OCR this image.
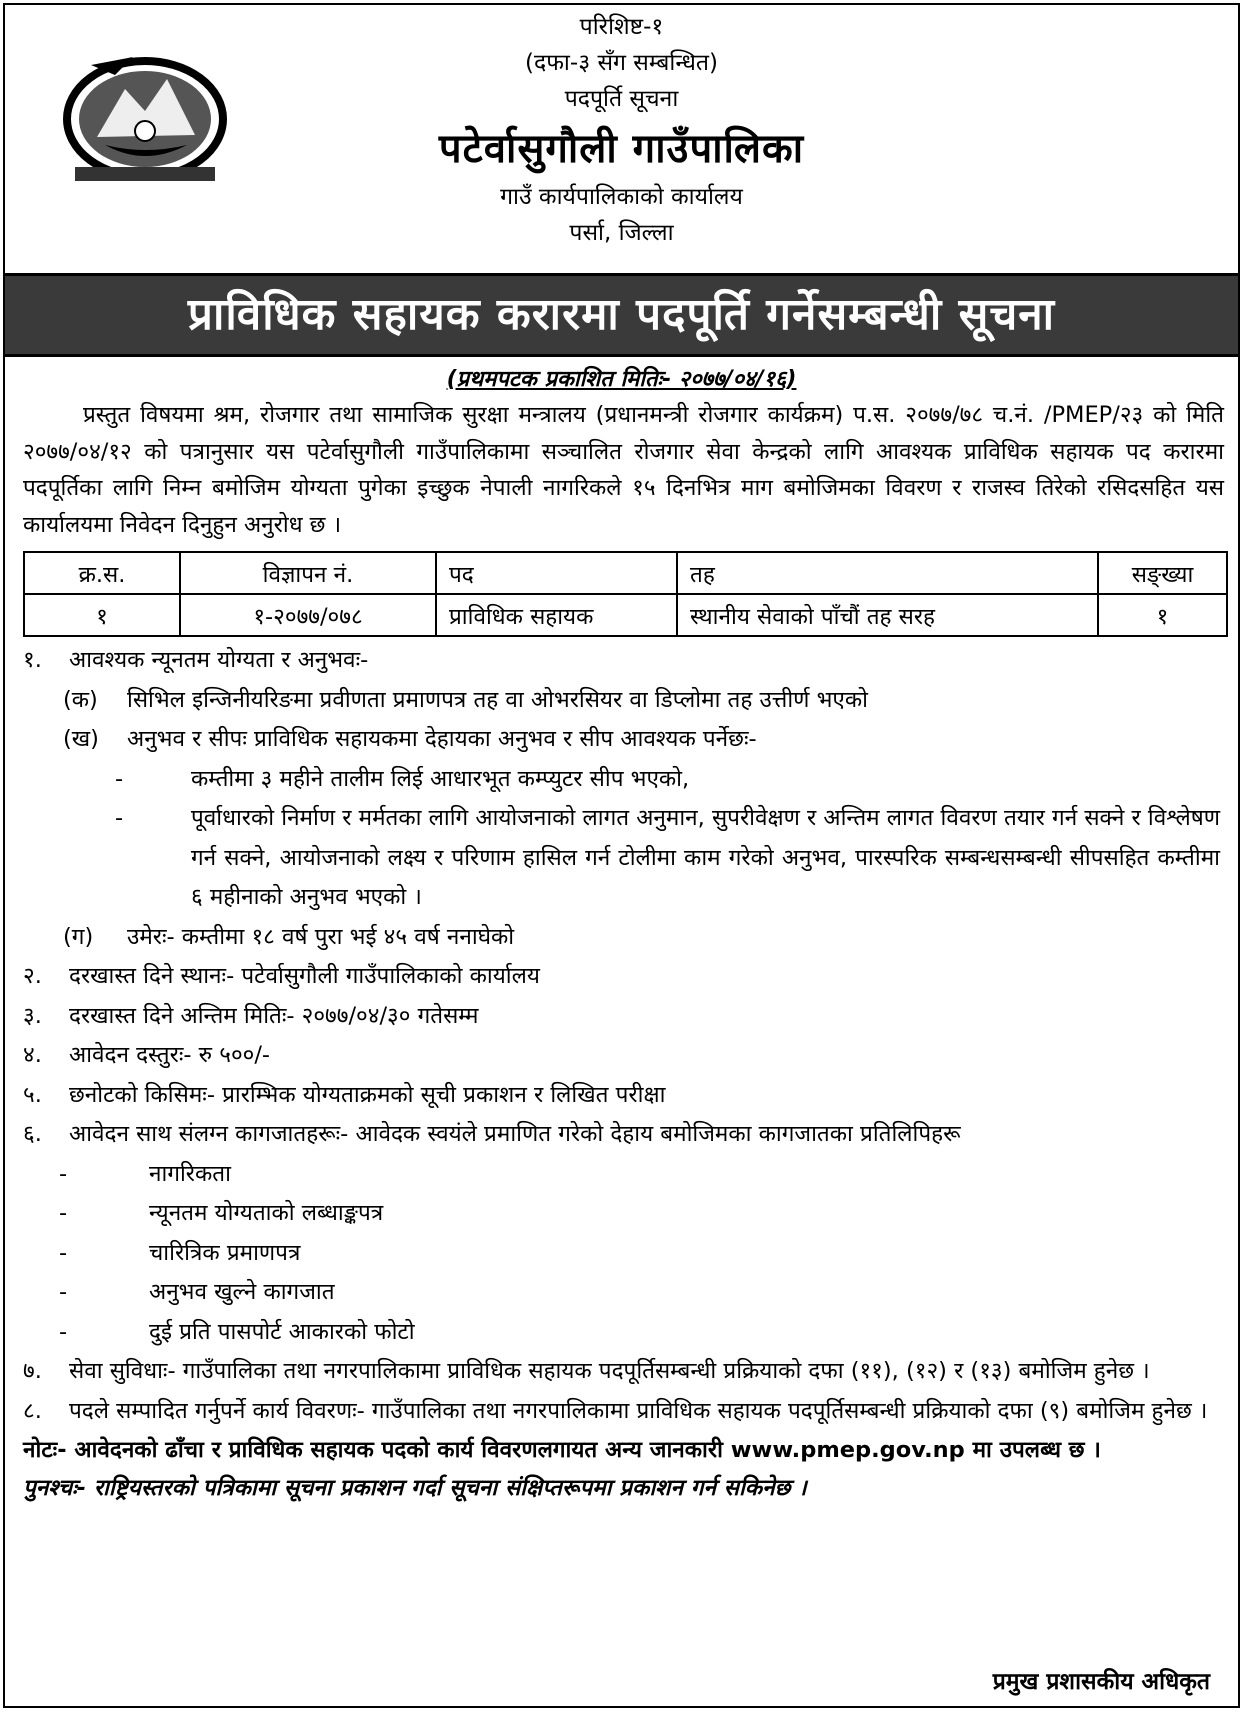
परिशिष्ट-१
(दफा-३ सँग सम्बन्धित)
पदपूर्ति सूचना
पटेर्वासुगौली गाउँपालिका
गाउँ कार्यपालिकाको कार्यालय
पर्सा, जिल्ला
प्राविधिक सहायक करारमा पदपूर्ति गर्नेसम्बन्धी सूचना
(प्रथमपटक प्रकाशित मितिः- २०७७/०४/१६)
प्रस्तुत विषयमा श्रम, रोजगार तथा सामाजिक सुरक्षा मन्त्रालय (प्रधानमन्त्री रोजगार कार्यक्रम) प.स. २०७७/७८ च.नं. /PMEP/२३ को मिति २०७७/०४/१२ को पत्रानुसार यस पटेर्वासुगौली गाउँपालिकामा सञ्चालित रोजगार सेवा केन्द्रको लागि आवश्यक प्राविधिक सहायक पद करारमा पदपूर्तिका लागि निम्न बमोजिम योग्यता पुगेका इच्छुक नेपाली नागरिकले १५ दिनभित्र माग बमोजिमका विवरण र राजस्व तिरेको रसिदसहित यस कार्यालयमा निवेदन दिनुहुन अनुरोध छ ।
क्र.स.	विज्ञापन नं.	पद	तह	सङ्ख्या
१	१-२०७७/०७८	प्राविधिक सहायक	स्थानीय सेवाको पाँचौं तह सरह	१
१.	आवश्यक न्यूनतम योग्यता र अनुभवः-
(क)	सिभिल इन्जिनीयरिङमा प्रवीणता प्रमाणपत्र तह वा ओभरसियर वा डिप्लोमा तह उत्तीर्ण भएको
(ख)	अनुभव र सीपः प्राविधिक सहायकमा देहायका अनुभव र सीप आवश्यक पर्नेछः-
-	कम्तीमा ३ महीने तालीम लिई आधारभूत कम्प्युटर सीप भएको,
-	पूर्वाधारको निर्माण र मर्मतका लागि आयोजनाको लागत अनुमान, सुपरीवेक्षण र अन्तिम लागत विवरण तयार गर्न सक्ने र विश्लेषण गर्न सक्ने, आयोजनाको लक्ष्य र परिणाम हासिल गर्न टोलीमा काम गरेको अनुभव, पारस्परिक सम्बन्धसम्बन्धी सीपसहित कम्तीमा ६ महीनाको अनुभव भएको ।
(ग)	उमेरः- कम्तीमा १८ वर्ष पुरा भई ४५ वर्ष ननाघेको
२.	दरखास्त दिने स्थानः- पटेर्वासुगौली गाउँपालिकाको कार्यालय
३.	दरखास्त दिने अन्तिम मितिः- २०७७/०४/३० गतेसम्म
४.	आवेदन दस्तुरः- रु ५००/-
५.	छनोटको किसिमः- प्रारम्भिक योग्यताक्रमको सूची प्रकाशन र लिखित परीक्षा
६.	आवेदन साथ संलग्न कागजातहरूः- आवेदक स्वयंले प्रमाणित गरेको देहाय बमोजिमका कागजातका प्रतिलिपिहरू
-	नागरिकता
-	न्यूनतम योग्यताको लब्धाङ्कपत्र
-	चारित्रिक प्रमाणपत्र
-	अनुभव खुल्ने कागजात
-	दुई प्रति पासपोर्ट आकारको फोटो
७.	सेवा सुविधाः- गाउँपालिका तथा नगरपालिकामा प्राविधिक सहायक पदपूर्तिसम्बन्धी प्रक्रियाको दफा (११), (१२) र (१३) बमोजिम हुनेछ ।
८.	पदले सम्पादित गर्नुपर्ने कार्य विवरणः- गाउँपालिका तथा नगरपालिकामा प्राविधिक सहायक पदपूर्तिसम्बन्धी प्रक्रियाको दफा (९) बमोजिम हुनेछ ।
नोटः- आवेदनको ढाँचा र प्राविधिक सहायक पदको कार्य विवरणलगायत अन्य जानकारी www.pmep.gov.np मा उपलब्ध छ ।
पुनश्चः- राष्ट्रियस्तरको पत्रिकामा सूचना प्रकाशन गर्दा सूचना संक्षिप्तरूपमा प्रकाशन गर्न सकिनेछ ।
प्रमुख प्रशासकीय अधिकृत
